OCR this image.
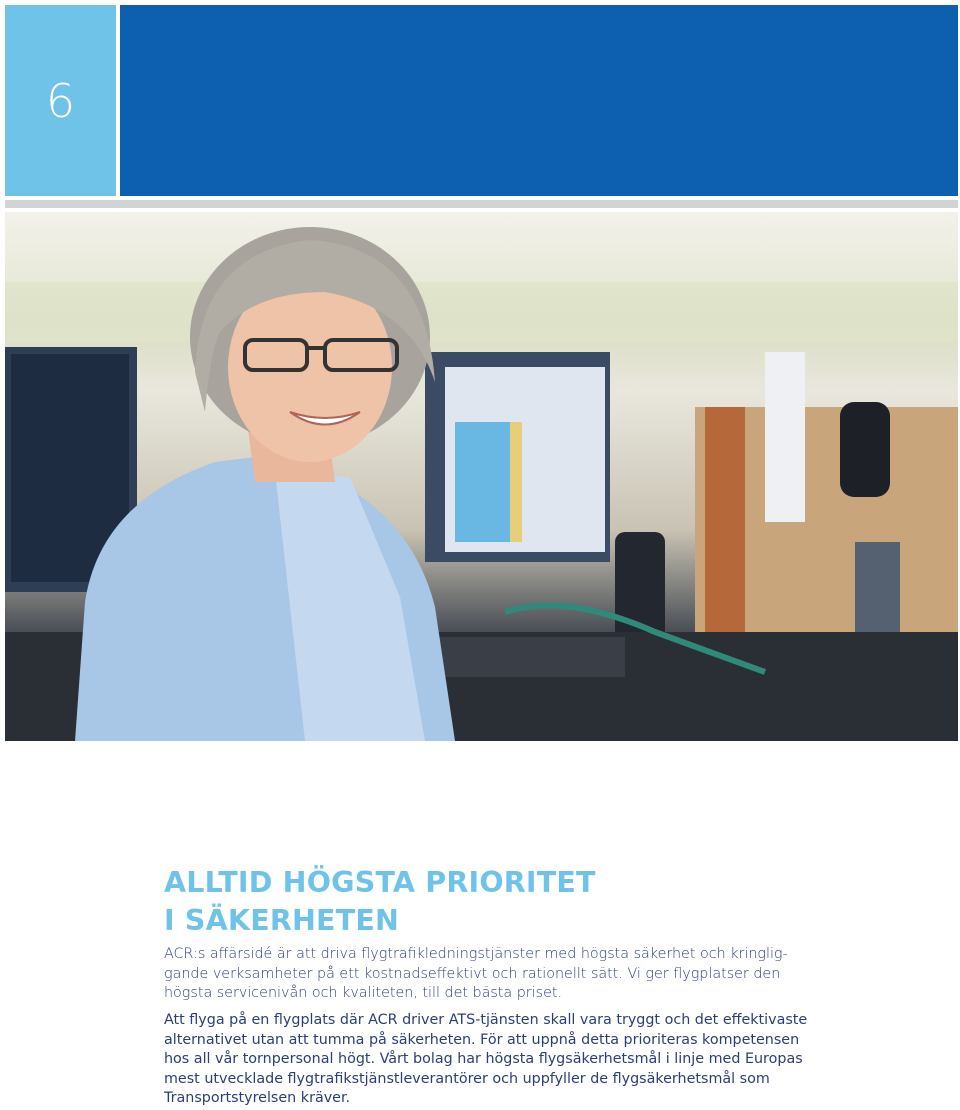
6
ALLTID HÖGSTA PRIORITET
I SÄKERHETEN
ACR:s affärsidé är att driva flygtrafikledningstjänster med högsta säkerhet och kringlig-
gande verksamheter på ett kostnadseffektivt och rationellt sätt. Vi ger flygplatser den
högsta servicenivån och kvaliteten, till det bästa priset.
Att flyga på en flygplats där ACR driver ATS-tjänsten skall vara tryggt och det effektivaste
alternativet utan att tumma på säkerheten. För att uppnå detta prioriteras kompetensen
hos all vår tornpersonal högt. Vårt bolag har högsta flygsäkerhetsmål i linje med Europas
mest utvecklade flygtrafikstjänstleverantörer och uppfyller de flygsäkerhetsmål som
Transportstyrelsen kräver.
